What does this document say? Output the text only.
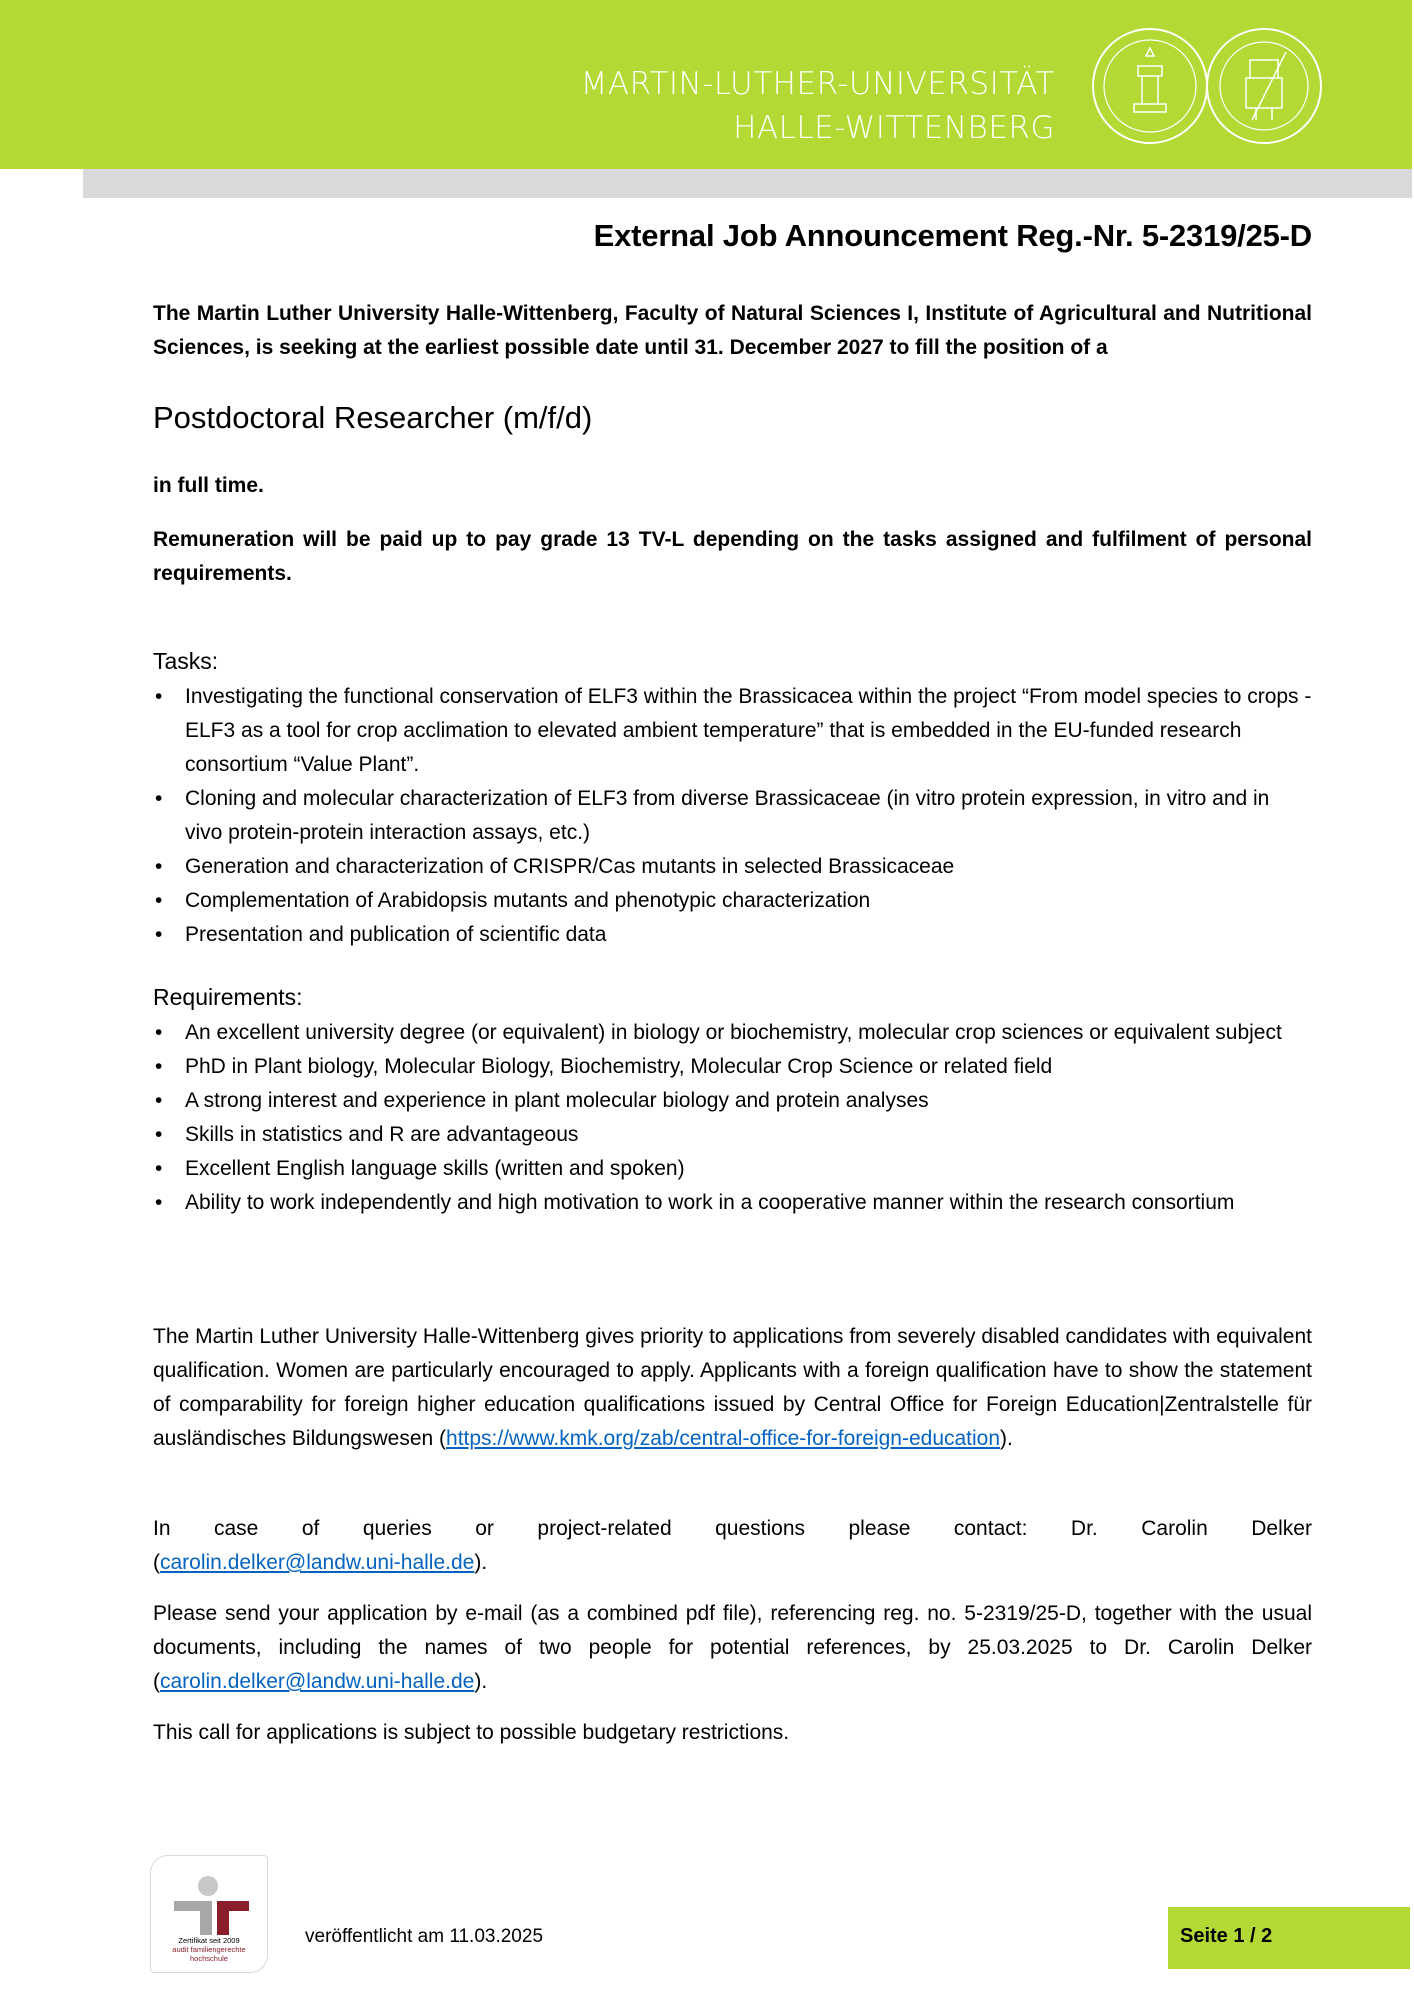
MARTIN-LUTHER-UNIVERSITÄT
HALLE-WITTENBERG
External Job Announcement Reg.-Nr. 5-2319/25-D
The Martin Luther University Halle-Wittenberg, Faculty of Natural Sciences I, Institute of Agricultural and Nutritional Sciences, is seeking at the earliest possible date until 31. December 2027 to fill the position of a
Postdoctoral Researcher (m/f/d)
in full time.
Remuneration will be paid up to pay grade 13 TV-L depending on the tasks assigned and fulfilment of personal requirements.
Tasks:
• Investigating the functional conservation of ELF3 within the Brassicacea within the project “From model species to crops -ELF3 as a tool for crop acclimation to elevated ambient temperature” that is embedded in the EU-funded research consortium “Value Plant”.
• Cloning and molecular characterization of ELF3 from diverse Brassicaceae (in vitro protein expression, in vitro and in vivo protein-protein interaction assays, etc.)
• Generation and characterization of CRISPR/Cas mutants in selected Brassicaceae
• Complementation of Arabidopsis mutants and phenotypic characterization
• Presentation and publication of scientific data
Requirements:
• An excellent university degree (or equivalent) in biology or biochemistry, molecular crop sciences or equivalent subject
• PhD in Plant biology, Molecular Biology, Biochemistry, Molecular Crop Science or related field
• A strong interest and experience in plant molecular biology and protein analyses
• Skills in statistics and R are advantageous
• Excellent English language skills (written and spoken)
• Ability to work independently and high motivation to work in a cooperative manner within the research consortium
The Martin Luther University Halle-Wittenberg gives priority to applications from severely disabled candidates with equivalent qualification. Women are particularly encouraged to apply. Applicants with a foreign qualification have to show the statement of comparability for foreign higher education qualifications issued by Central Office for Foreign Education|Zentralstelle für ausländisches Bildungswesen (https://www.kmk.org/zab/central-office-for-foreign-education).
In case of queries or project-related questions please contact: Dr. Carolin Delker
(carolin.delker@landw.uni-halle.de).
Please send your application by e-mail (as a combined pdf file), referencing reg. no. 5-2319/25-D, together with the usual documents, including the names of two people for potential references, by 25.03.2025 to Dr. Carolin Delker (carolin.delker@landw.uni-halle.de).
This call for applications is subject to possible budgetary restrictions.
Zertifikat seit 2009
audit familiengerechte
hochschule
veröffentlicht am 11.03.2025	Seite 1 / 2
